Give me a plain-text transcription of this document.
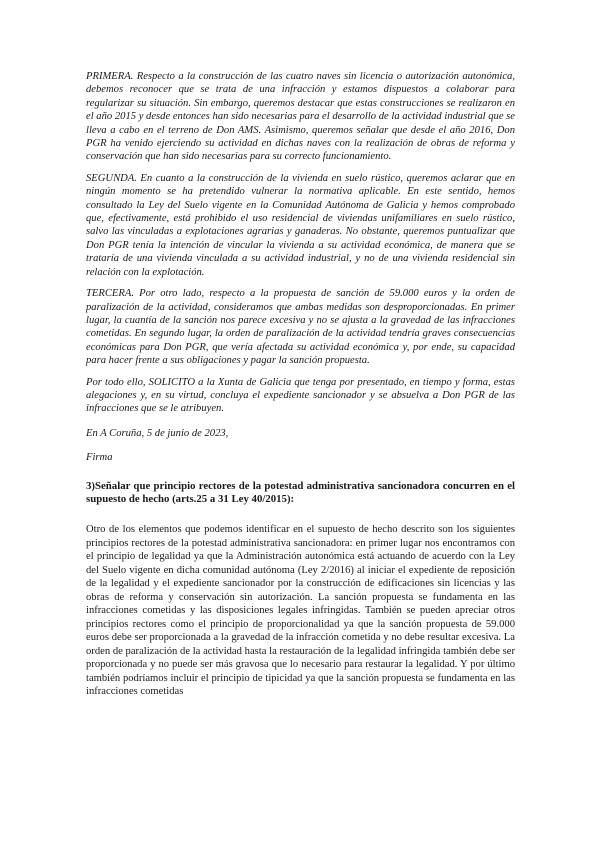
PRIMERA. Respecto a la construcción de las cuatro naves sin licencia o autorización autonómica, debemos reconocer que se trata de una infracción y estamos dispuestos a colaborar para regularizar su situación. Sin embargo, queremos destacar que estas construcciones se realizaron en el año 2015 y desde entonces han sido necesarias para el desarrollo de la actividad industrial que se lleva a cabo en el terreno de Don AMS. Asimismo, queremos señalar que desde el año 2016, Don PGR ha venido ejerciendo su actividad en dichas naves con la realización de obras de reforma y conservación que han sido necesarias para su correcto funcionamiento.

SEGUNDA. En cuanto a la construcción de la vivienda en suelo rústico, queremos aclarar que en ningún momento se ha pretendido vulnerar la normativa aplicable. En este sentido, hemos consultado la Ley del Suelo vigente en la Comunidad Autónoma de Galicia y hemos comprobado que, efectivamente, está prohibido el uso residencial de viviendas unifamiliares en suelo rústico, salvo las vinculadas a explotaciones agrarias y ganaderas. No obstante, queremos puntualizar que Don PGR tenía la intención de vincular la vivienda a su actividad económica, de manera que se trataría de una vivienda vinculada a su actividad industrial, y no de una vivienda residencial sin relación con la explotación.

TERCERA. Por otro lado, respecto a la propuesta de sanción de 59.000 euros y la orden de paralización de la actividad, consideramos que ambas medidas son desproporcionadas. En primer lugar, la cuantía de la sanción nos parece excesiva y no se ajusta a la gravedad de las infracciones cometidas. En segundo lugar, la orden de paralización de la actividad tendría graves consecuencias económicas para Don PGR, que vería afectada su actividad económica y, por ende, su capacidad para hacer frente a sus obligaciones y pagar la sanción propuesta.

Por todo ello, SOLICITO a la Xunta de Galicia que tenga por presentado, en tiempo y forma, estas alegaciones y, en su virtud, concluya el expediente sancionador y se absuelva a Don PGR de las infracciones que se le atribuyen.

En A Coruña, 5 de junio de 2023,

Firma

3)Señalar que principio rectores de la potestad administrativa sancionadora concurren en el supuesto de hecho (arts.25 a 31 Ley 40/2015):

Otro de los elementos que podemos identificar en el supuesto de hecho descrito son los siguientes principios rectores de la potestad administrativa sancionadora: en primer lugar nos encontramos con el principio de legalidad ya que la Administración autonómica está actuando de acuerdo con la Ley del Suelo vigente en dicha comunidad autónoma (Ley 2/2016) al iniciar el expediente de reposición de la legalidad y el expediente sancionador por la construcción de edificaciones sin licencias y las obras de reforma y conservación sin autorización. La sanción propuesta se fundamenta en las infracciones cometidas y las disposiciones legales infringidas. También se pueden apreciar otros principios rectores como el principio de proporcionalidad ya que la sanción propuesta de 59.000 euros debe ser proporcionada a la gravedad de la infracción cometida y no debe resultar excesiva. La orden de paralización de la actividad hasta la restauración de la legalidad infringida también debe ser proporcionada y no puede ser más gravosa que lo necesario para restaurar la legalidad. Y por último también podríamos incluir el principio de tipicidad ya que la sanción propuesta se fundamenta en las infracciones cometidas
